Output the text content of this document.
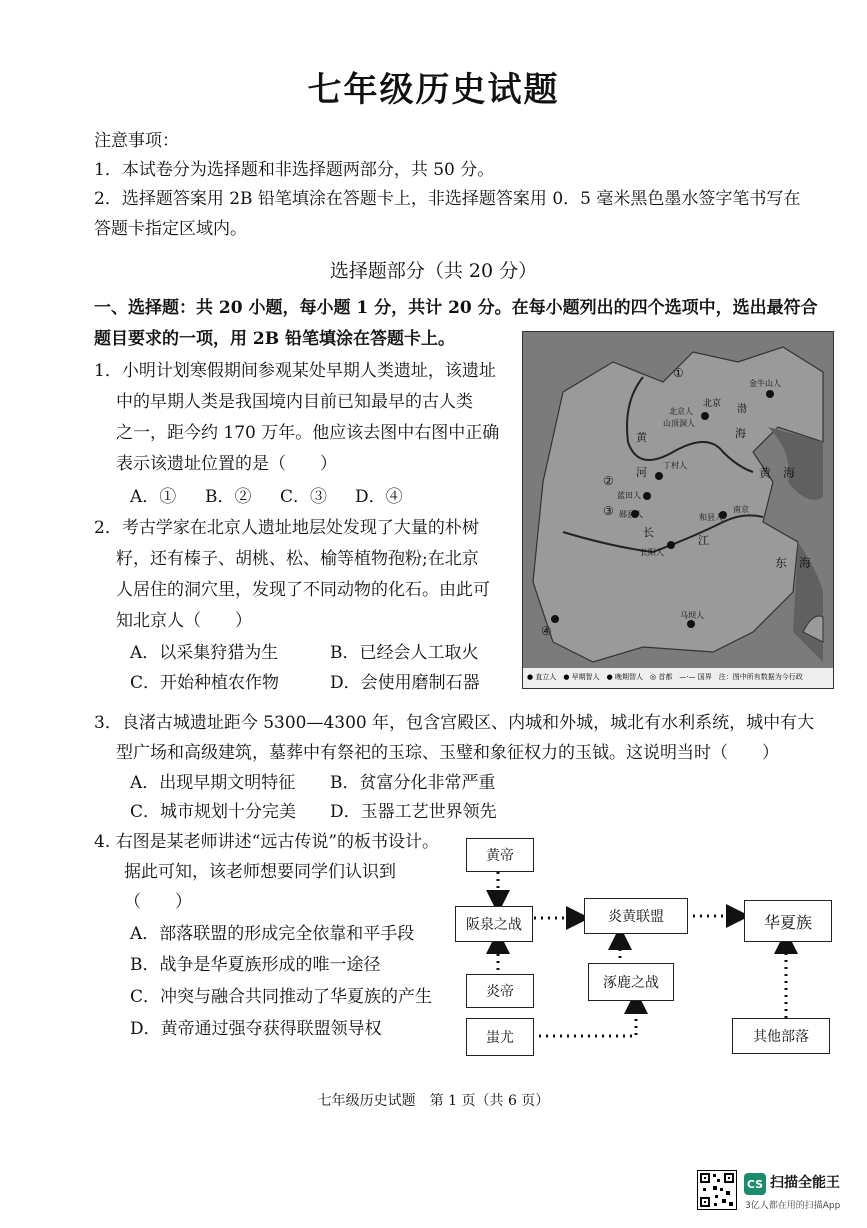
七年级历史试题
注意事项：
1．本试卷分为选择题和非选择题两部分，共 50 分。
2．选择题答案用 2B 铅笔填涂在答题卡上，非选择题答案用 0．5 毫米黑色墨水签字笔书写在
答题卡指定区域内。
选择题部分（共 20 分）
一、选择题：共 20 小题，每小题 1 分，共计 20 分。在每小题列出的四个选项中，选出最符合
题目要求的一项，用 2B 铅笔填涂在答题卡上。
1．小明计划寒假期间参观某处早期人类遗址，该遗址
中的早期人类是我国境内目前已知最早的古人类
之一，距今约 170 万年。他应该去图中右图中正确
表示该遗址位置的是（　　）
A．① B．② C．③ D．④
2．考古学家在北京人遗址地层处发现了大量的朴树
籽，还有榛子、胡桃、松、榆等植物孢粉;在北京
人居住的洞穴里，发现了不同动物的化石。由此可
知北京人（　　）
A．以采集狩猎为生	B．已经会人工取火
C．开始种植农作物	D．会使用磨制石器
①
北京
北京人
山顶洞人
金牛山人
渤
海
黄
河
丁村人
黄　海
②
蓝田人
③ 郧县人	和县人
南京
长
江
长阳人
东　海
马坝人
④
● 直立人　● 早期智人　● 晚期智人　◎ 首都　—·— 国界　注：图中所有数据为今行政
3．良渚古城遗址距今 5300—4300 年，包含宫殿区、内城和外城，城北有水利系统，城中有大
型广场和高级建筑，墓葬中有祭祀的玉琮、玉璧和象征权力的玉钺。这说明当时（　　）
A．出现早期文明特征 B．贫富分化非常严重
C．城市规划十分完美 D．玉器工艺世界领先
4. 右图是某老师讲述“远古传说”的板书设计。
据此可知，该老师想要同学们认识到
（　　）
A．部落联盟的形成完全依靠和平手段
B．战争是华夏族形成的唯一途径
C．冲突与融合共同推动了华夏族的产生
D．黄帝通过强夺获得联盟领导权
黄帝
阪泉之战
炎帝
炎黄联盟
涿鹿之战
蚩尤
华夏族
其他部落
七年级历史试题　第 1 页（共 6 页）
CS 扫描全能王
3亿人都在用的扫描App
